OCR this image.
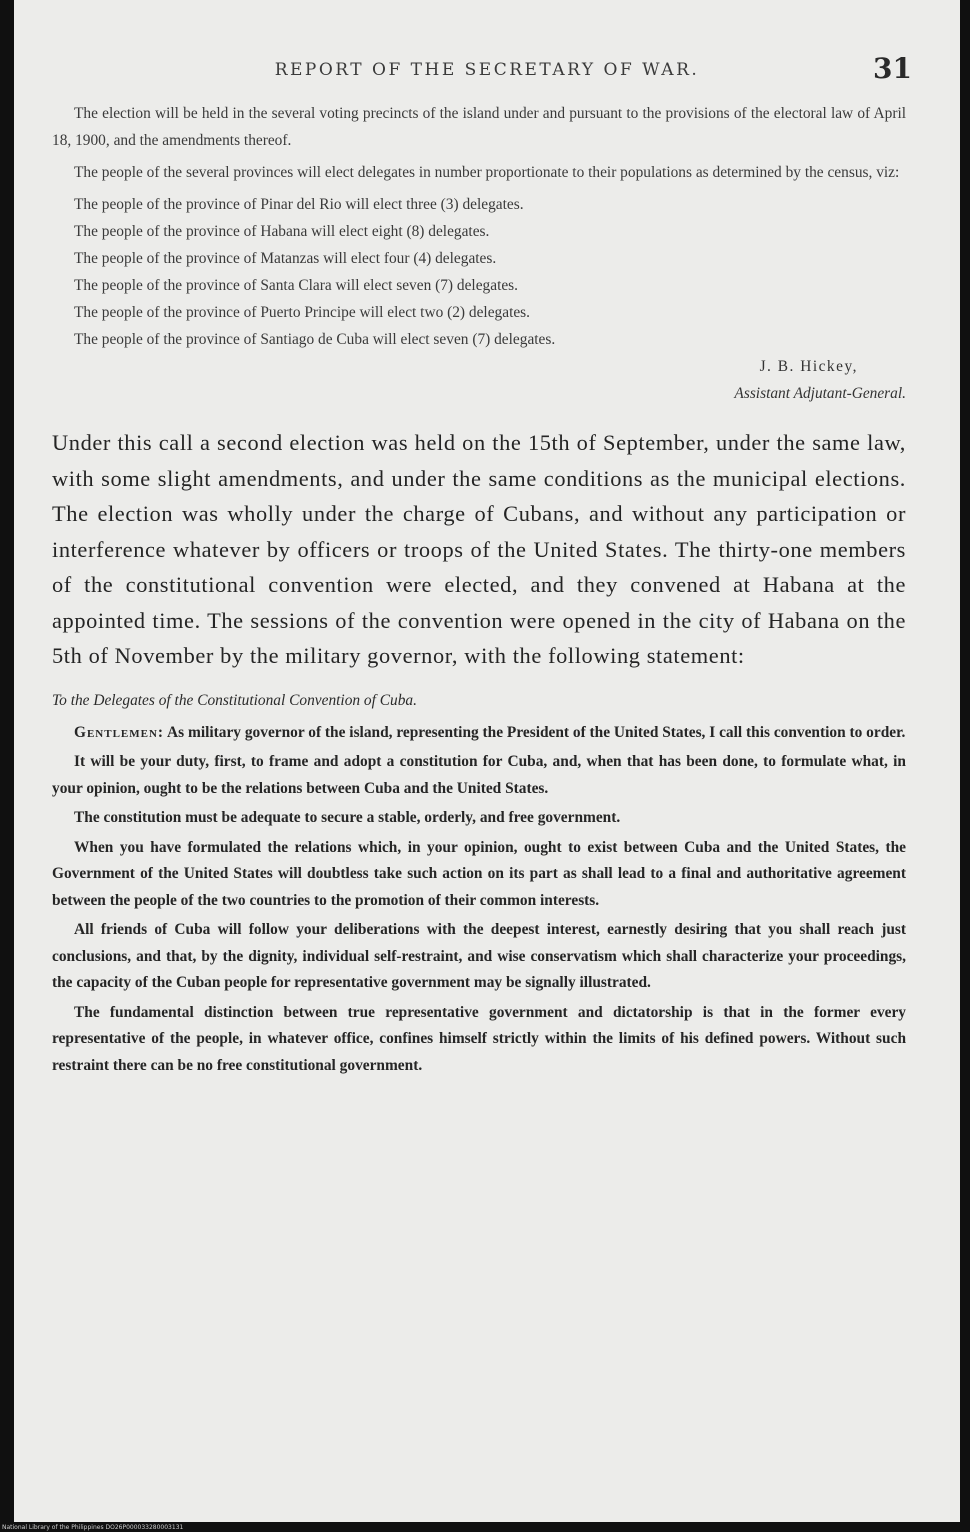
REPORT OF THE SECRETARY OF WAR.	31

The election will be held in the several voting precincts of the island under and pursuant to the provisions of the electoral law of April 18, 1900, and the amendments thereof.

The people of the several provinces will elect delegates in number proportionate to their populations as determined by the census, viz:

The people of the province of Pinar del Rio will elect three (3) delegates.

The people of the province of Habana will elect eight (8) delegates.

The people of the province of Matanzas will elect four (4) delegates.

The people of the province of Santa Clara will elect seven (7) delegates.

The people of the province of Puerto Principe will elect two (2) delegates.

The people of the province of Santiago de Cuba will elect seven (7) delegates.

J. B. Hickey,
Assistant Adjutant-General.

Under this call a second election was held on the 15th of September, under the same law, with some slight amendments, and under the same conditions as the municipal elections. The election was wholly under the charge of Cubans, and without any participation or interference whatever by officers or troops of the United States. The thirty-one members of the constitutional convention were elected, and they convened at Habana at the appointed time. The sessions of the convention were opened in the city of Habana on the 5th of November by the military governor, with the following statement:

To the Delegates of the Constitutional Convention of Cuba.

Gentlemen: As military governor of the island, representing the President of the United States, I call this convention to order.

It will be your duty, first, to frame and adopt a constitution for Cuba, and, when that has been done, to formulate what, in your opinion, ought to be the relations between Cuba and the United States.

The constitution must be adequate to secure a stable, orderly, and free government.

When you have formulated the relations which, in your opinion, ought to exist between Cuba and the United States, the Government of the United States will doubtless take such action on its part as shall lead to a final and authoritative agreement between the people of the two countries to the promotion of their common interests.

All friends of Cuba will follow your deliberations with the deepest interest, earnestly desiring that you shall reach just conclusions, and that, by the dignity, individual self-restraint, and wise conservatism which shall characterize your proceedings, the capacity of the Cuban people for representative government may be signally illustrated.

The fundamental distinction between true representative government and dictatorship is that in the former every representative of the people, in whatever office, confines himself strictly within the limits of his defined powers. Without such restraint there can be no free constitutional government.

National Library of the Philippines DO26P000033280003131
